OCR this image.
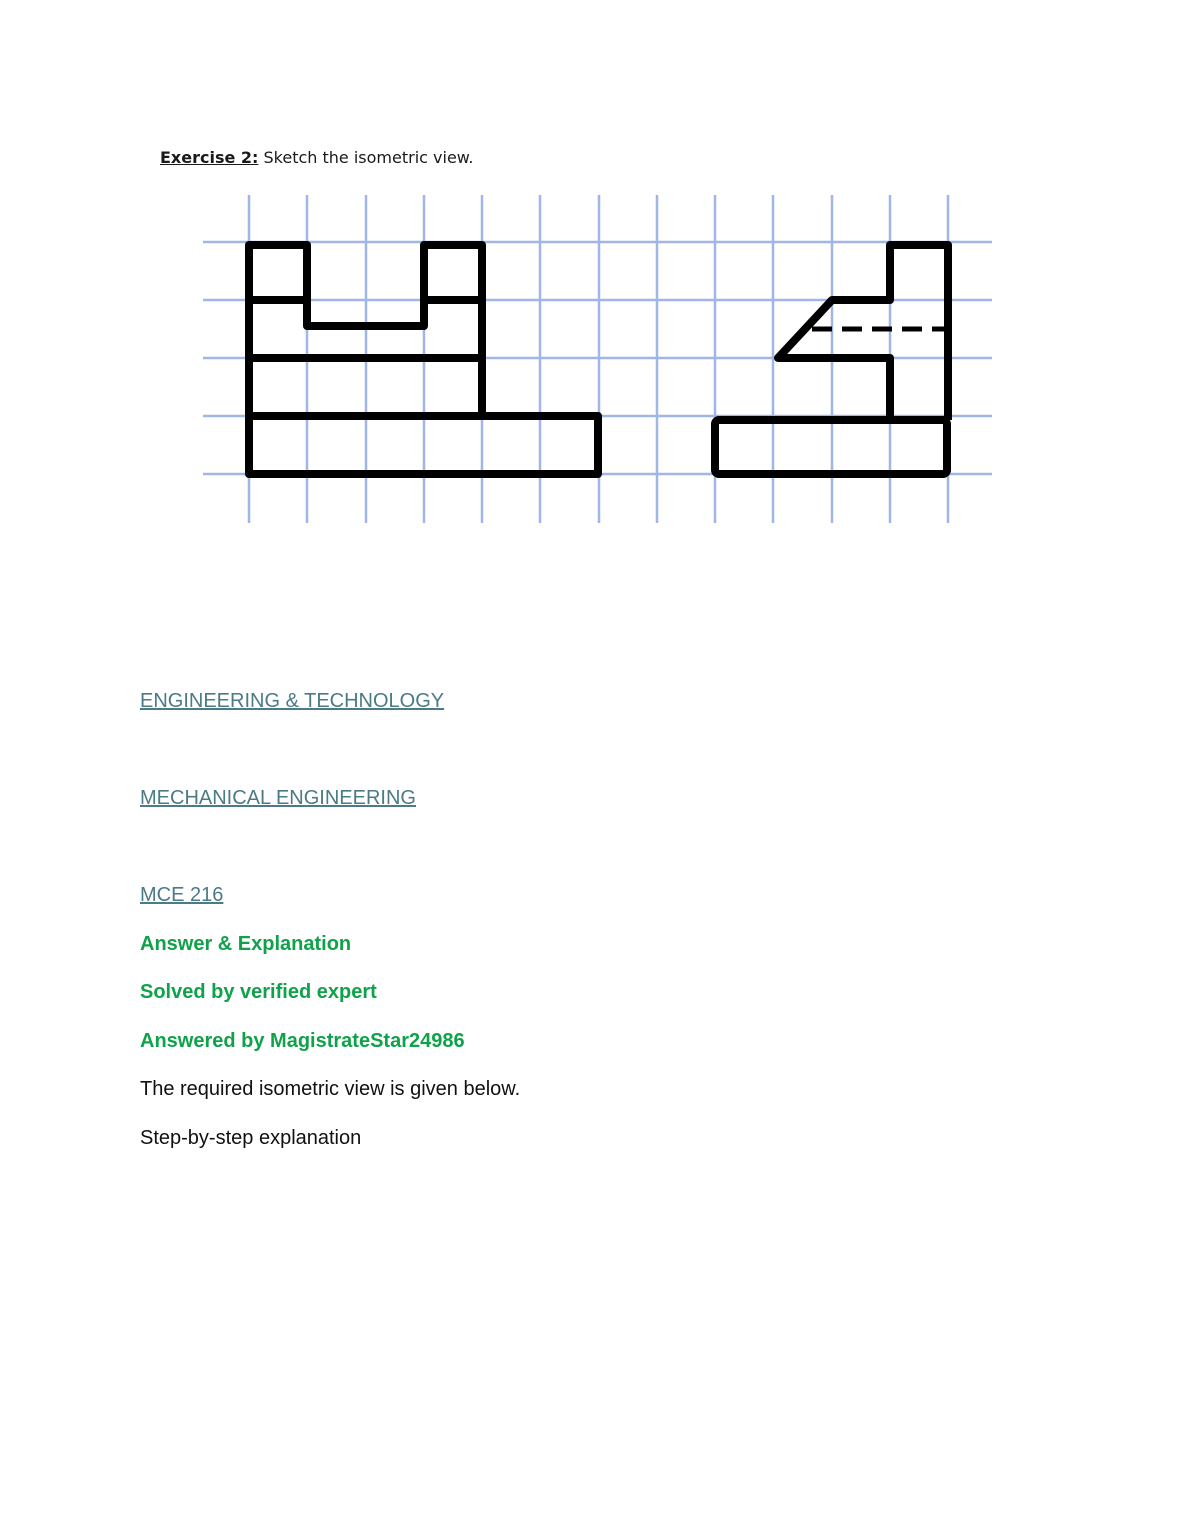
Exercise 2: Sketch the isometric view.
ENGINEERING & TECHNOLOGY
MECHANICAL ENGINEERING
MCE 216
Answer & Explanation
Solved by verified expert
Answered by MagistrateStar24986
The required isometric view is given below.
Step-by-step explanation
